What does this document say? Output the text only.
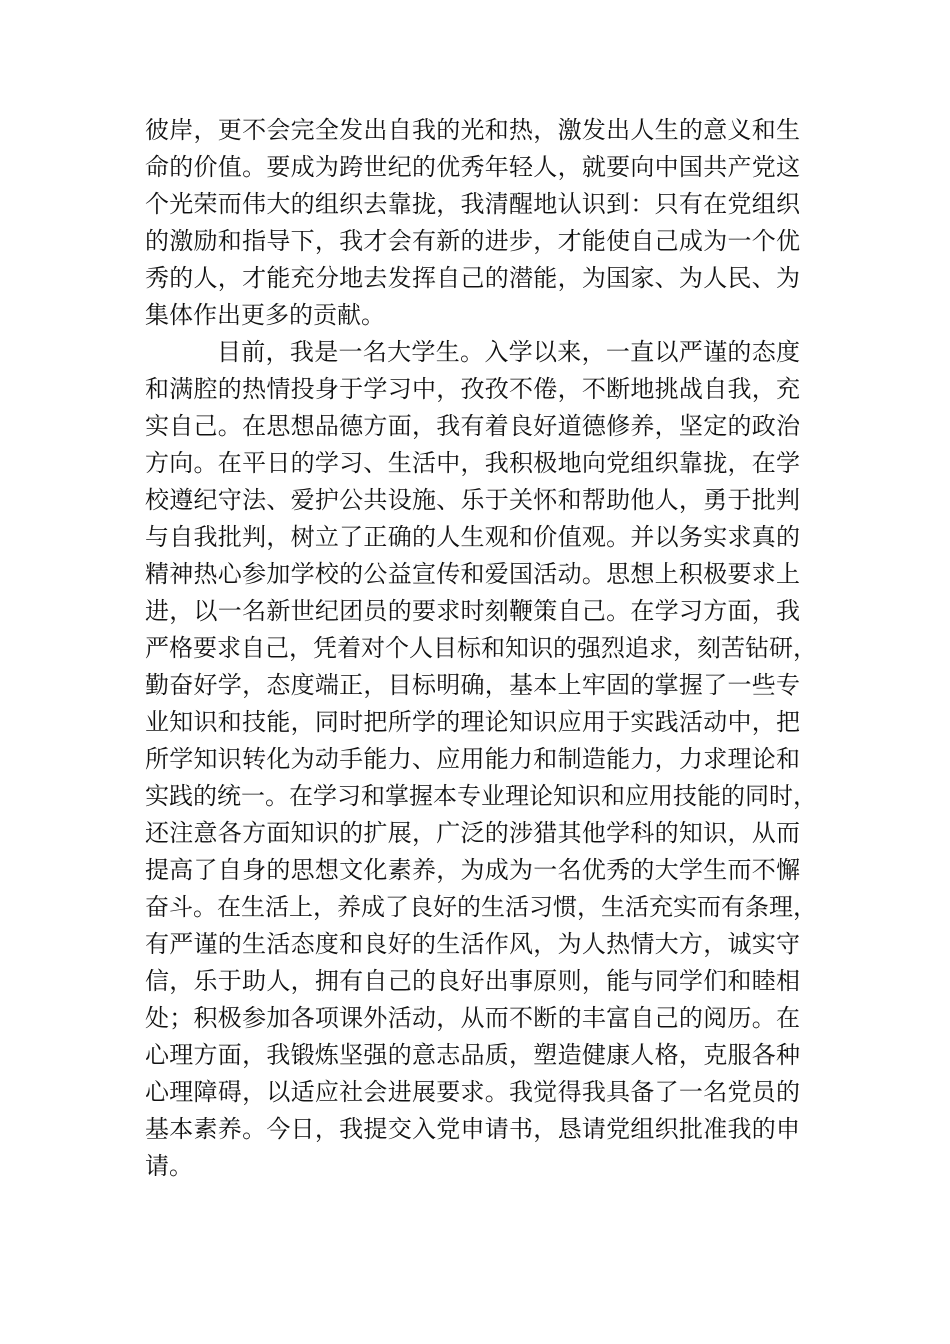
彼岸，更不会完全发出自我的光和热，激发出人生的意义和生
命的价值。要成为跨世纪的优秀年轻人，就要向中国共产党这
个光荣而伟大的组织去靠拢，我清醒地认识到：只有在党组织
的激励和指导下，我才会有新的进步，才能使自己成为一个优
秀的人，才能充分地去发挥自己的潜能，为国家、为人民、为
集体作出更多的贡献。
目前，我是一名大学生。入学以来，一直以严谨的态度
和满腔的热情投身于学习中，孜孜不倦，不断地挑战自我，充
实自己。在思想品德方面，我有着良好道德修养，坚定的政治
方向。在平日的学习、生活中，我积极地向党组织靠拢，在学
校遵纪守法、爱护公共设施、乐于关怀和帮助他人，勇于批判
与自我批判，树立了正确的人生观和价值观。并以务实求真的
精神热心参加学校的公益宣传和爱国活动。思想上积极要求上
进，以一名新世纪团员的要求时刻鞭策自己。在学习方面，我
严格要求自己，凭着对个人目标和知识的强烈追求，刻苦钻研，
勤奋好学，态度端正，目标明确，基本上牢固的掌握了一些专
业知识和技能，同时把所学的理论知识应用于实践活动中，把
所学知识转化为动手能力、应用能力和制造能力，力求理论和
实践的统一。在学习和掌握本专业理论知识和应用技能的同时，
还注意各方面知识的扩展，广泛的涉猎其他学科的知识，从而
提高了自身的思想文化素养，为成为一名优秀的大学生而不懈
奋斗。在生活上，养成了良好的生活习惯，生活充实而有条理，
有严谨的生活态度和良好的生活作风，为人热情大方，诚实守
信，乐于助人，拥有自己的良好出事原则，能与同学们和睦相
处；积极参加各项课外活动，从而不断的丰富自己的阅历。在
心理方面，我锻炼坚强的意志品质，塑造健康人格，克服各种
心理障碍，以适应社会进展要求。我觉得我具备了一名党员的
基本素养。今日，我提交入党申请书，恳请党组织批准我的申
请。
